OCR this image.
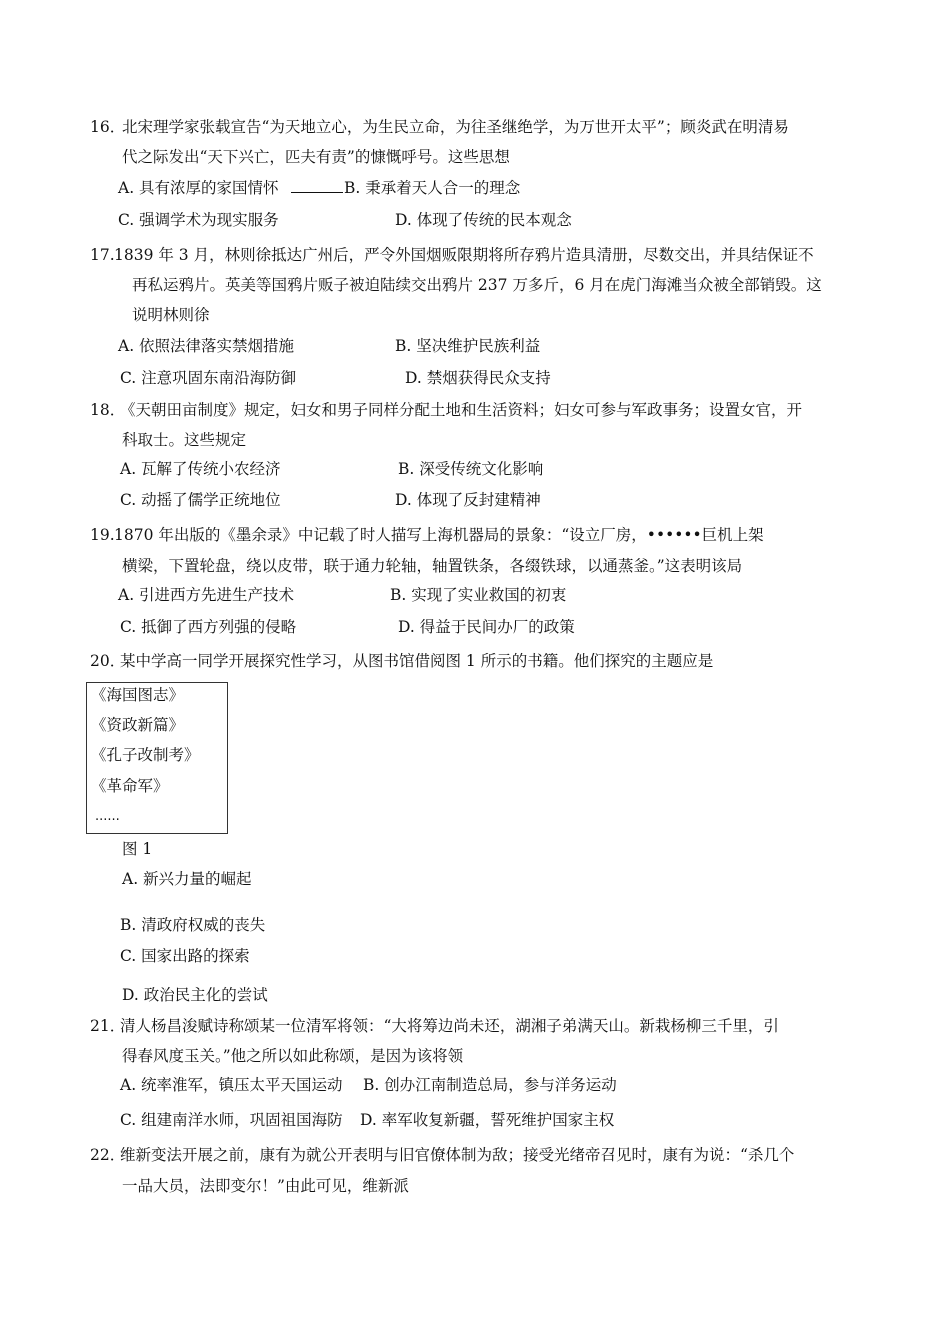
16．
北宋理学家张载宣告“为天地立心，为生民立命，为往圣继绝学，为万世开太平”；顾炎武在明清易
代之际发出“天下兴亡，匹夫有责”的慷慨呼号。这些思想
A. 具有浓厚的家国情怀	B. 秉承着天人合一的理念
C. 强调学术为现实服务	D. 体现了传统的民本观念
17. 1839 年 3 月，林则徐抵达广州后，严令外国烟贩限期将所存鸦片造具清册，尽数交出，并具结保证不
再私运鸦片。英美等国鸦片贩子被迫陆续交出鸦片 237 万多斤，6 月在虎门海滩当众被全部销毁。这
说明林则徐
A. 依照法律落实禁烟措施	B. 坚决维护民族利益
C. 注意巩固东南沿海防御	D. 禁烟获得民众支持
18．
《天朝田亩制度》规定，妇女和男子同样分配土地和生活资料；妇女可参与军政事务；设置女官，开
科取士。这些规定
A. 瓦解了传统小农经济	B. 深受传统文化影响
C. 动摇了儒学正统地位	D. 体现了反封建精神
19. 1870 年出版的《墨余录》中记载了时人描写上海机器局的景象：“设立厂房，••••••巨机上架
横梁，下置轮盘，绕以皮带，联于通力轮轴，轴置铁条，各缀铁球，以通蒸釜。”这表明该局
A. 引进西方先进生产技术	B. 实现了实业救国的初衷
C. 抵御了西方列强的侵略	D. 得益于民间办厂的政策
20．
某中学高一同学开展探究性学习，从图书馆借阅图 1 所示的书籍。他们探究的主题应是
《海国图志》
《资政新篇》
《孔子改制考》
《革命军》
......
图 1
A. 新兴力量的崛起
B. 清政府权威的丧失
C. 国家出路的探索
D. 政治民主化的尝试
21．
清人杨昌浚赋诗称颂某一位清军将领：“大将筹边尚未还，湖湘子弟满天山。新栽杨柳三千里，引
得春风度玉关。”他之所以如此称颂，是因为该将领
A. 统率淮军，镇压太平天国运动 B. 创办江南制造总局，参与洋务运动
C. 组建南洋水师，巩固祖国海防 D. 率军收复新疆，誓死维护国家主权
22．
维新变法开展之前，康有为就公开表明与旧官僚体制为敌；接受光绪帝召见时，康有为说：“杀几个
一品大员，法即变尔！”由此可见，维新派
